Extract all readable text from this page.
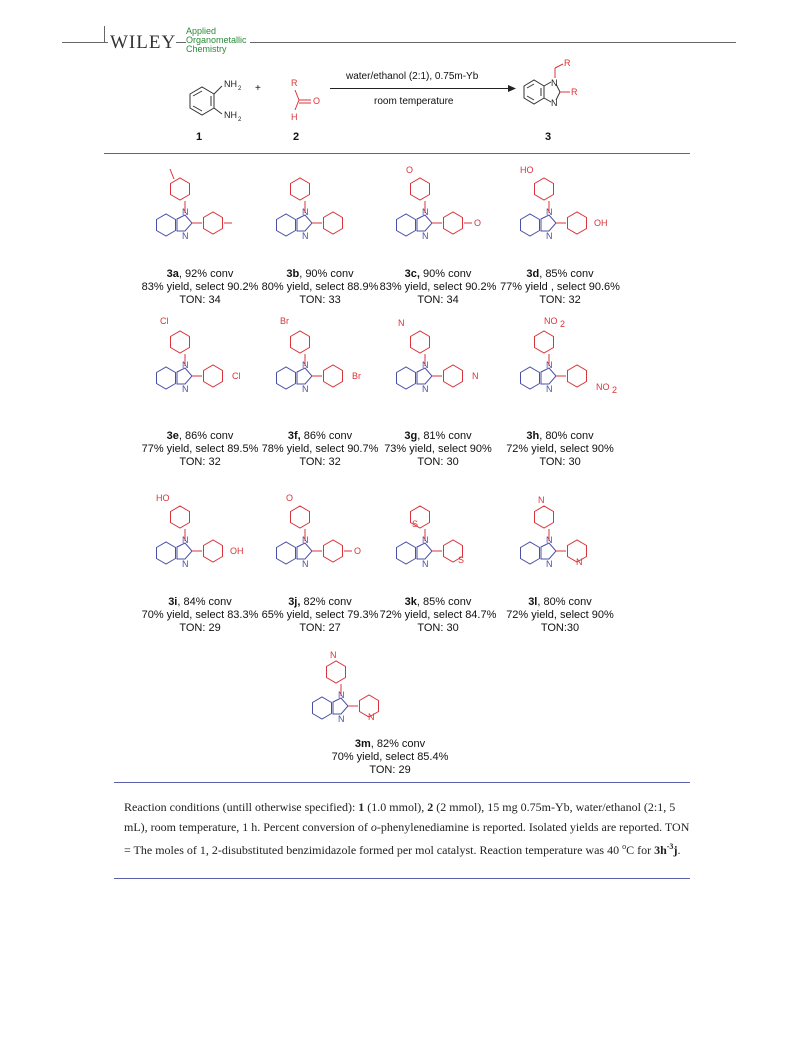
WILEY
Applied
Organometallic
Chemistry
NH 2
NH 2
+	R
H
O
water/ethanol (2:1), 0.75m-Yb
room temperature
N
N
R
R
1	2	3
N
N
N
N
N
N
O
O
N
N
OH
HO
N
N
Cl
Cl
N
N
Br
Br
N
N
N
N
N
N	NO 2
NO 2
N
N
OH
HO
N
N
O
O
N
N	S
S
N
N	N
N
N
N	N
N
Reaction conditions (untill otherwise specified): 1 (1.0 mmol), 2 (2 mmol), 15 mg 0.75m-Yb, water/ethanol (2:1, 5 mL), room temperature, 1 h. Percent conversion of o-phenylenediamine is reported. Isolated yields are reported. TON = The moles of 1, 2-disubstituted benzimidazole formed per mol catalyst. Reaction temperature was 40 $^o$C for $3h^{-3}j$.
3a, 92% conv
83% yield, select 90.2%
TON: 34
3b, 90% conv
80% yield, select 88.9%
TON: 33
3c, 90% conv
83% yield, select 90.2%
TON: 34
3d, 85% conv
77% yield , select 90.6%
TON: 32
3e, 86% conv
77% yield, select 89.5%
TON: 32
3f, 86% conv
78% yield, select 90.7%
TON: 32
3g, 81% conv
73% yield, select 90%
TON: 30
3h, 80% conv
72% yield, select 90%
TON: 30
3i, 84% conv
70% yield, select 83.3%
TON: 29
3j, 82% conv
65% yield, select 79.3%
TON: 27
3k, 85% conv
72% yield, select 84.7%
TON: 30
3l, 80% conv
72% yield, select 90%
TON:30
3m, 82% conv
70% yield, select 85.4%
TON: 29
